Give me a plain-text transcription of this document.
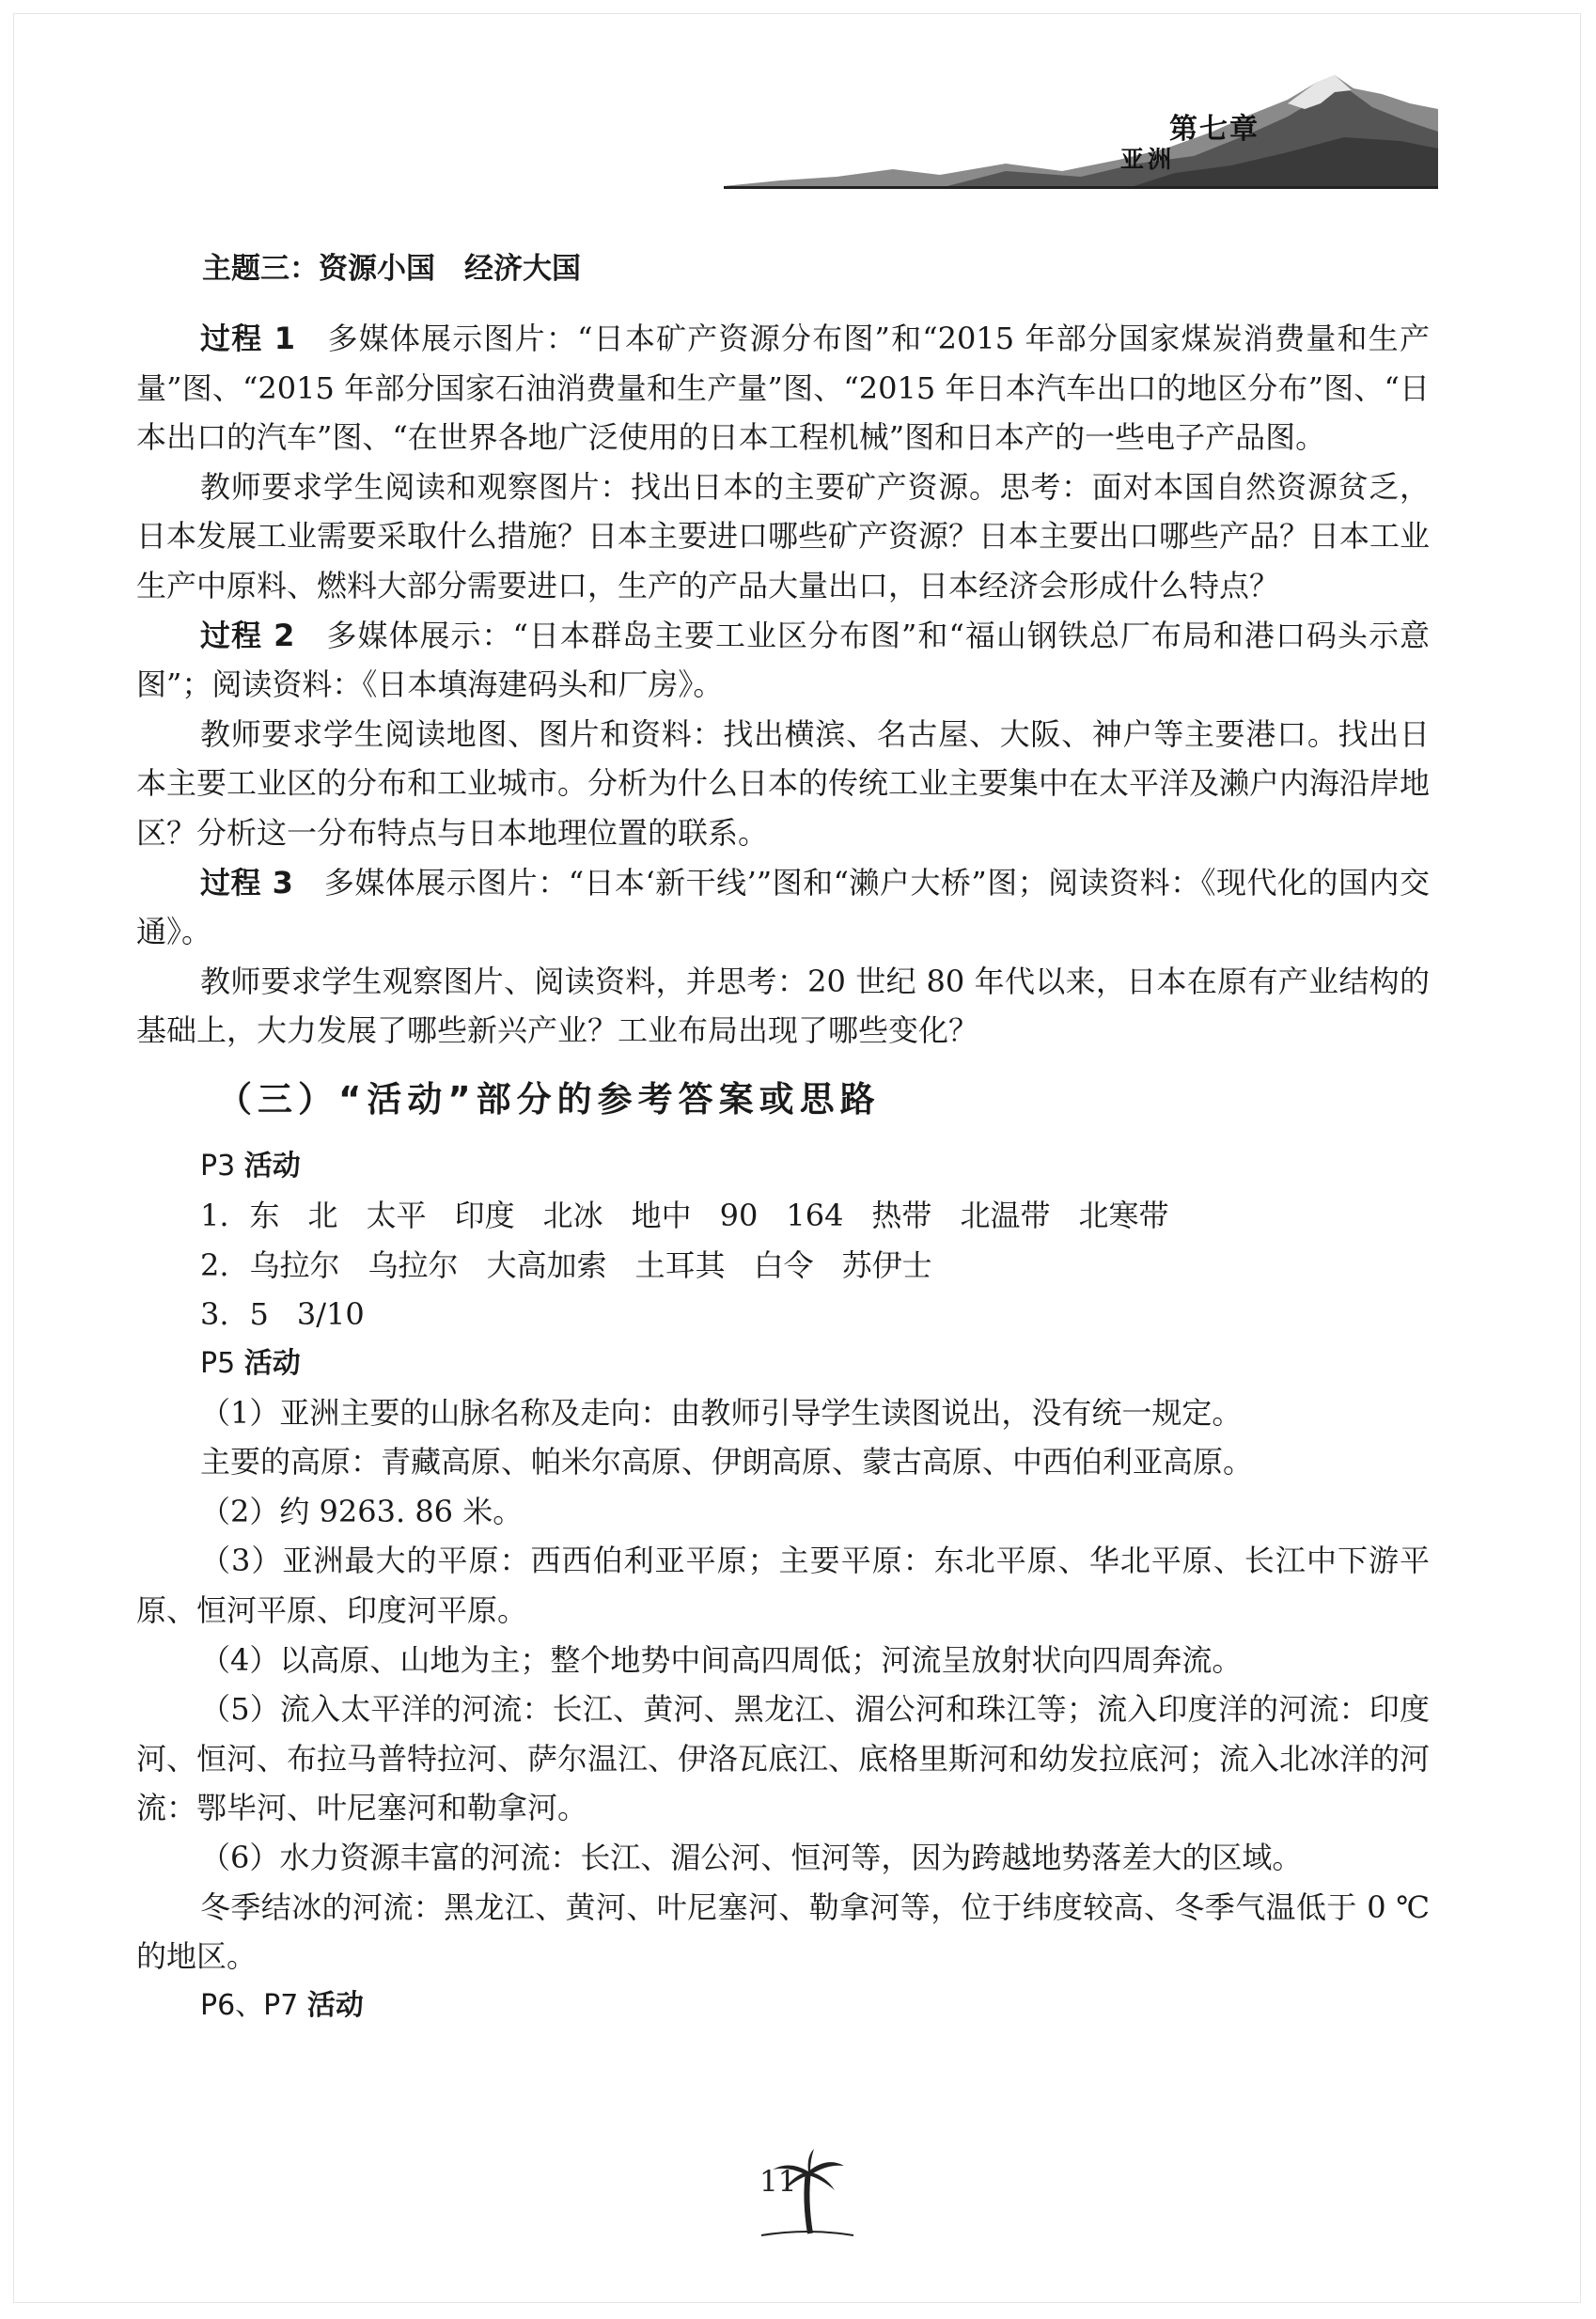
第七章
亚洲
主题三：资源小国　经济大国

过程 1　 多媒体展示图片：“日本矿产资源分布图”和“2015 年部分国家煤炭消费量和生产量”图、“2015 年部分国家石油消费量和生产量”图、“2015 年日本汽车出口的地区分布”图、“日本出口的汽车”图、“在世界各地广泛使用的日本工程机械”图和日本产的一些电子产品图。

教师要求学生阅读和观察图片：找出日本的主要矿产资源。思考：面对本国自然资源贫乏，日本发展工业需要采取什么措施？日本主要进口哪些矿产资源？日本主要出口哪些产品？日本工业生产中原料、燃料大部分需要进口，生产的产品大量出口，日本经济会形成什么特点？

过程 2　 多媒体展示：“日本群岛主要工业区分布图”和“福山钢铁总厂布局和港口码头示意图”；阅读资料：《日本填海建码头和厂房》。

教师要求学生阅读地图、图片和资料：找出横滨、名古屋、大阪、神户等主要港口。找出日本主要工业区的分布和工业城市。分析为什么日本的传统工业主要集中在太平洋及濑户内海沿岸地区？分析这一分布特点与日本地理位置的联系。

过程 3　 多媒体展示图片：“日本‘新干线’”图和“濑户大桥”图；阅读资料：《现代化的国内交通》。

教师要求学生观察图片、阅读资料，并思考：20 世纪 80 年代以来，日本在原有产业结构的基础上，大力发展了哪些新兴产业？工业布局出现了哪些变化？

（三）“活动”部分的参考答案或思路
P3 活动
1. 东 北 太平 印度 北冰 地中 90 164 热带 北温带 北寒带
2. 乌拉尔 乌拉尔 大高加索 土耳其 白令 苏伊士
3. 5 3/10
P5 活动

（1）亚洲主要的山脉名称及走向：由教师引导学生读图说出，没有统一规定。

主要的高原：青藏高原、帕米尔高原、伊朗高原、蒙古高原、中西伯利亚高原。

（2）约 9263. 86 米。

（3）亚洲最大的平原：西西伯利亚平原；主要平原：东北平原、华北平原、长江中下游平原、恒河平原、印度河平原。

（4）以高原、山地为主；整个地势中间高四周低；河流呈放射状向四周奔流。

（5）流入太平洋的河流：长江、黄河、黑龙江、湄公河和珠江等；流入印度洋的河流：印度河、恒河、布拉马普特拉河、萨尔温江、伊洛瓦底江、底格里斯河和幼发拉底河；流入北冰洋的河流：鄂毕河、叶尼塞河和勒拿河。

（6）水力资源丰富的河流：长江、湄公河、恒河等，因为跨越地势落差大的区域。

冬季结冰的河流：黑龙江、黄河、叶尼塞河、勒拿河等，位于纬度较高、冬季气温低于 0 ℃的地区。

P6、P7 活动
11
